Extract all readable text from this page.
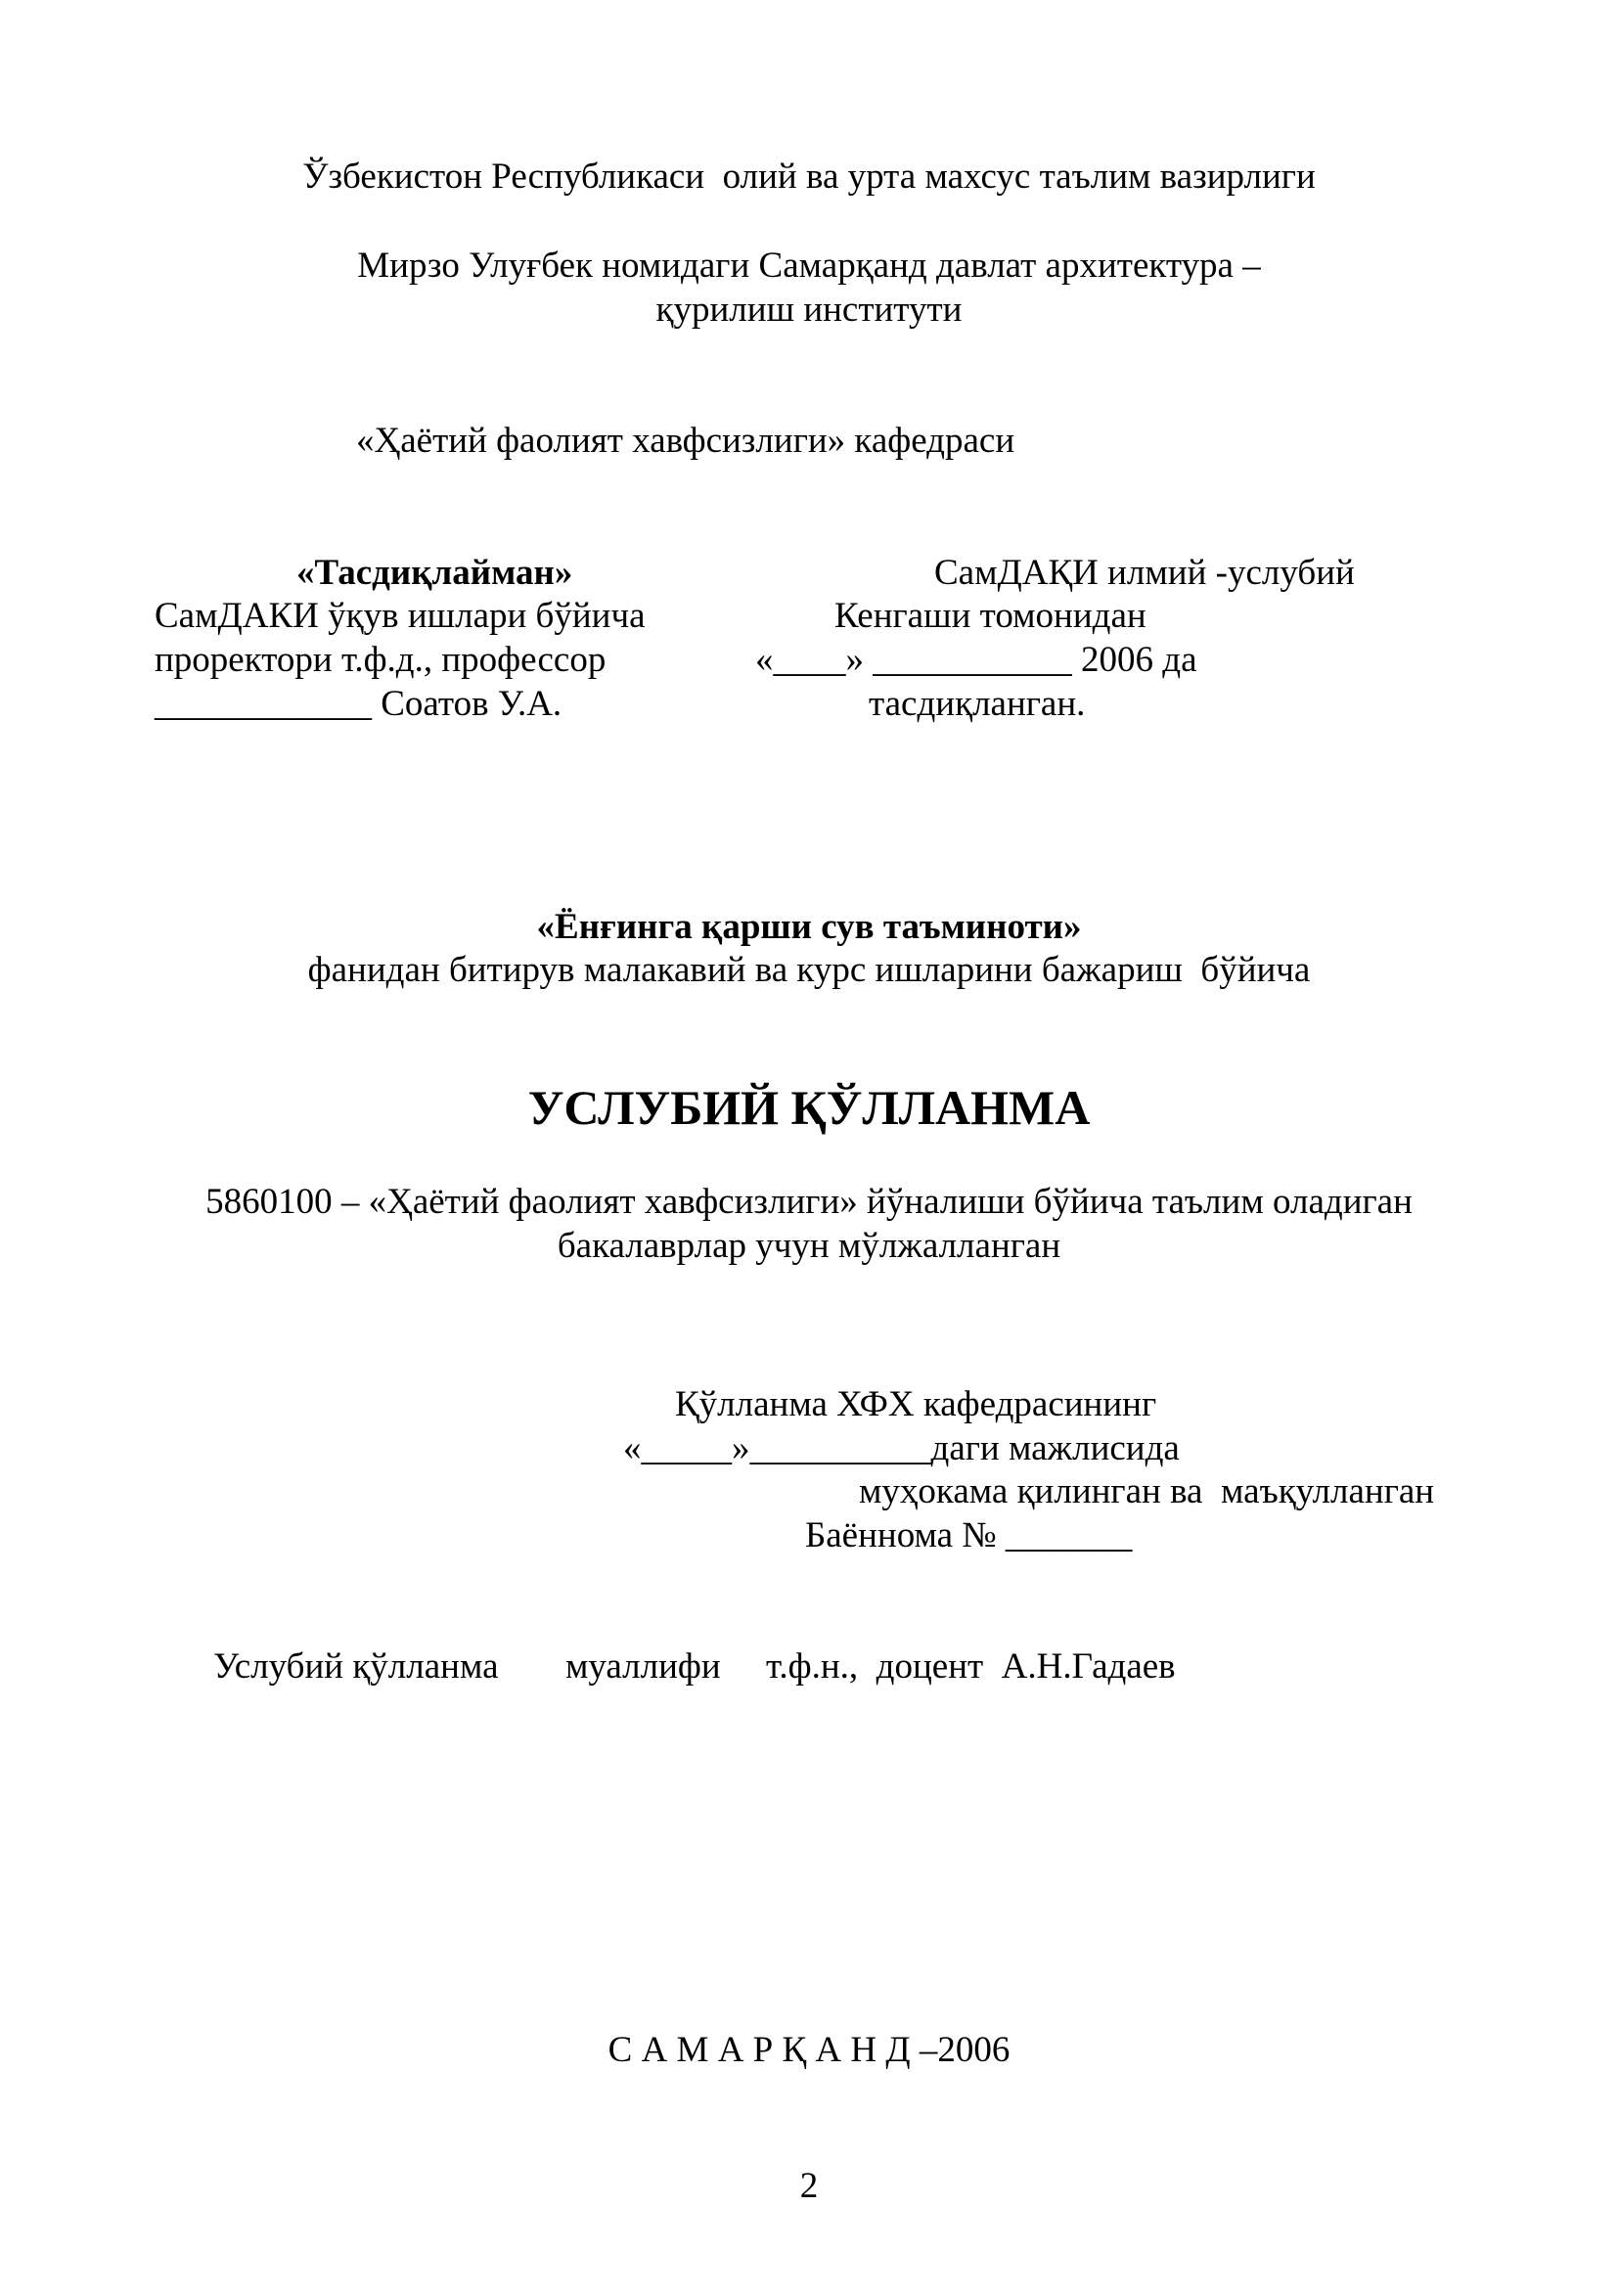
Ўзбекистон Республикаси  олий ва урта махсус таълим вазирлиги

Мирзо Улуғбек номидаги Самарқанд давлат архитектура –

қурилиш институти

«Ҳаётий фаолият хавфсизлиги» кафедраси

«Тасдиқлайман»

СамДАКИ ўқув ишлари бўйича

проректори т.ф.д., профессор

____________ Соатов У.А.

СамДАҚИ илмий -услубий

Кенгаши томонидан

«____» ___________ 2006 да

тасдиқланган.

«Ёнғинга қарши сув таъминоти»

фанидан битирув малакавий ва курс ишларини бажариш  бўйича

УСЛУБИЙ ҚЎЛЛАНМА

5860100 – «Ҳаётий фаолият хавфсизлиги» йўналиши бўйича таълим оладиган

бакалаврлар учун мўлжалланган

Қўлланма ХФХ кафедрасининг

«_____»__________даги мажлисида

муҳокама қилинган ва  маъқулланган

Баённома № _______

Услубий қўлланма муаллифи т.ф.н.,  доцент  А.Н.Гадаев

С А М А Р Қ А Н Д –2006

2
